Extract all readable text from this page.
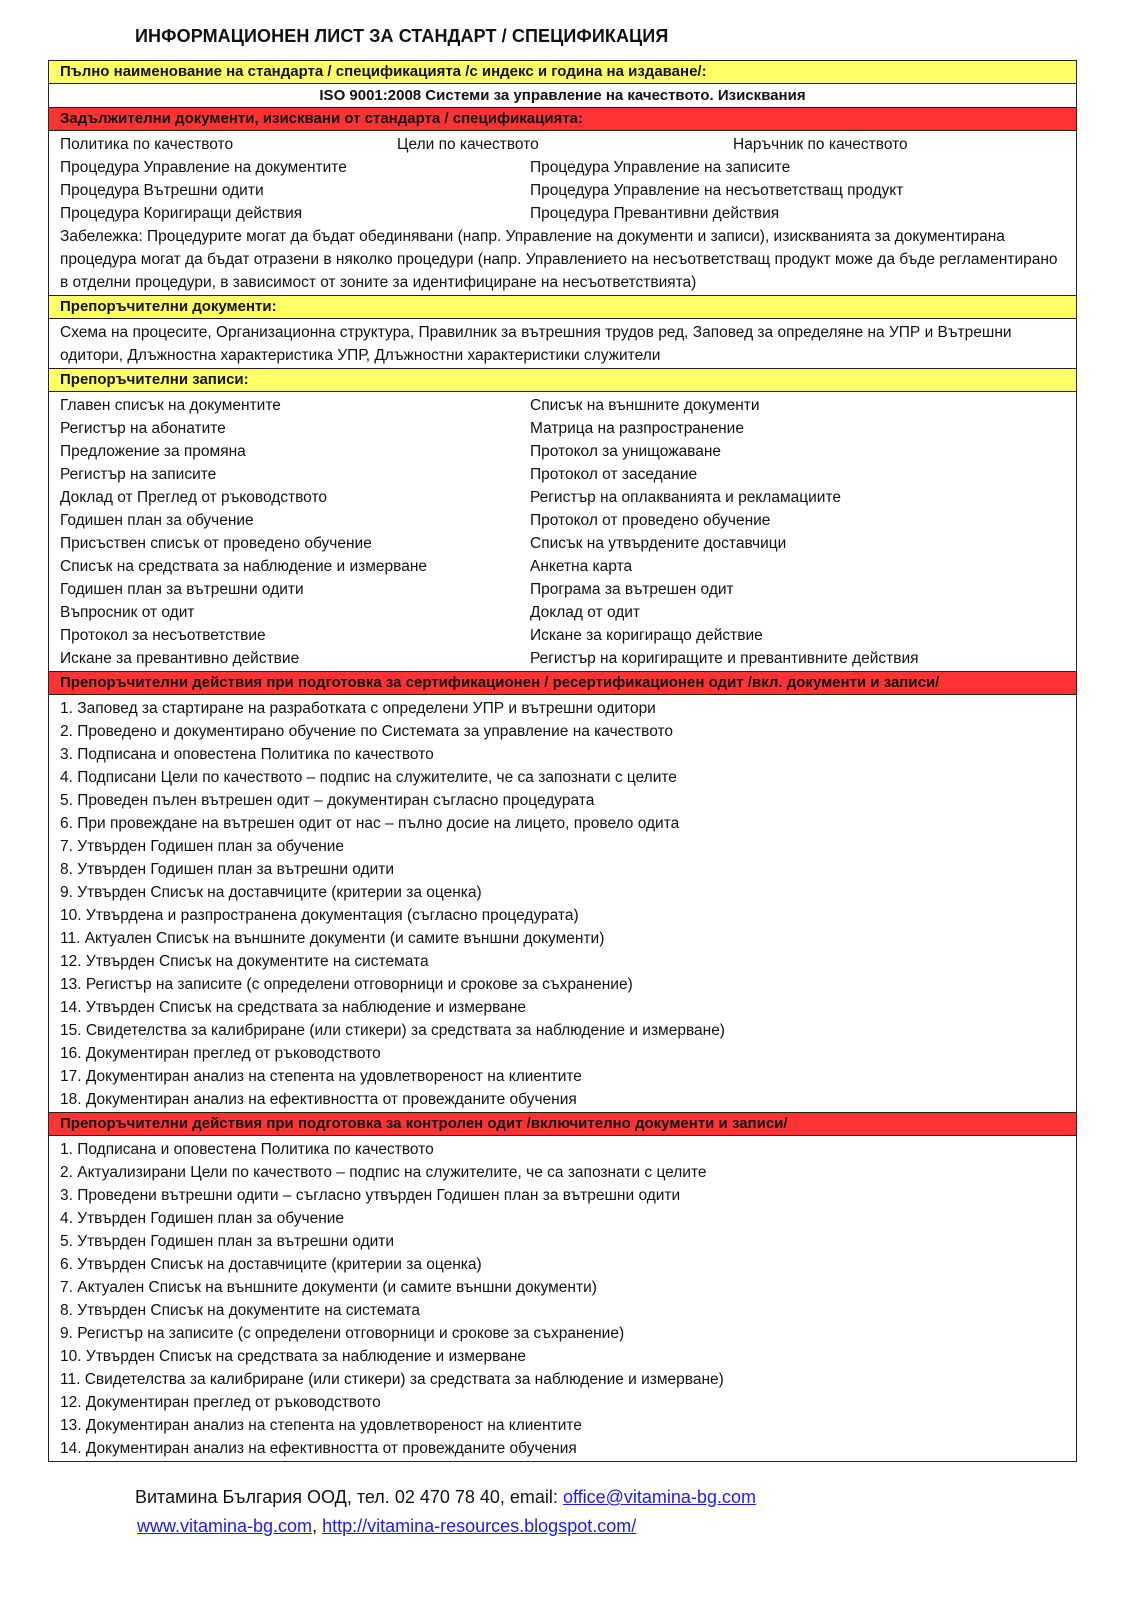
ИНФОРМАЦИОНЕН ЛИСТ ЗА СТАНДАРТ / СПЕЦИФИКАЦИЯ
Пълно наименование на стандарта / спецификацията /с индекс и година на издаване/:
ISO 9001:2008 Системи за управление на качеството. Изисквания
Задължителни документи, изисквани от стандарта / спецификацията:
Политика по качеството	Цели по качеството	Наръчник по качеството
Процедура Управление на документите	Процедура Управление на записите
Процедура Вътрешни одити	Процедура Управление на несъответстващ продукт
Процедура Коригиращи действия	Процедура Превантивни действия
Забележка: Процедурите могат да бъдат обединявани (напр. Управление на документи и записи), изискванията за документирана процедура могат да бъдат отразени в няколко процедури (напр. Управлението на несъответстващ продукт може да бъде регламентирано в отделни процедури, в зависимост от зоните за идентифициране на несъответствията)
Препоръчителни документи:
Схема на процесите, Организационна структура, Правилник за вътрешния трудов ред, Заповед за определяне на УПР и Вътрешни одитори, Длъжностна характеристика УПР, Длъжностни характеристики служители
Препоръчителни записи:
Главен списък на документите	Списък на външните документи
Регистър на абонатите	Матрица на разпространение
Предложение за промяна	Протокол за унищожаване
Регистър на записите	Протокол от заседание
Доклад от Преглед от ръководството	Регистър на оплакванията и рекламациите
Годишен план за обучение	Протокол от проведено обучение
Присъствен списък от проведено обучение	Списък на утвърдените доставчици
Списък на средствата за наблюдение и измерване	Анкетна карта
Годишен план за вътрешни одити	Програма за вътрешен одит
Въпросник от одит	Доклад от одит
Протокол за несъответствие	Искане за коригиращо действие
Искане за превантивно действие	Регистър на коригиращите и превантивните действия
Препоръчителни действия при подготовка за сертификационен / ресертификационен одит /вкл. документи и записи/
1. Заповед за стартиране на разработката с определени УПР и вътрешни одитори
2. Проведено и документирано обучение по Системата за управление на качеството
3. Подписана и оповестена Политика по качеството
4. Подписани Цели по качеството – подпис на служителите, че са запознати с целите
5. Проведен пълен вътрешен одит – документиран съгласно процедурата
6. При провеждане на вътрешен одит от нас – пълно досие на лицето, провело одита
7. Утвърден Годишен план за обучение
8. Утвърден Годишен план за вътрешни одити
9. Утвърден Списък на доставчиците (критерии за оценка)
10. Утвърдена и разпространена документация (съгласно процедурата)
11. Актуален Списък на външните документи (и самите външни документи)
12. Утвърден Списък на документите на системата
13. Регистър на записите (с определени отговорници и срокове за съхранение)
14. Утвърден Списък на средствата за наблюдение и измерване
15. Свидетелства за калибриране (или стикери) за средствата за наблюдение и измерване)
16. Документиран преглед от ръководството
17. Документиран анализ на степента на удовлетвореност на клиентите
18. Документиран анализ на ефективността от провежданите обучения
Препоръчителни действия при подготовка за контролен одит /включително документи и записи/
1. Подписана и оповестена Политика по качеството
2. Актуализирани Цели по качеството – подпис на служителите, че са запознати с целите
3. Проведени вътрешни одити – съгласно утвърден Годишен план за вътрешни одити
4. Утвърден Годишен план за обучение
5. Утвърден Годишен план за вътрешни одити
6. Утвърден Списък на доставчиците (критерии за оценка)
7. Актуален Списък на външните документи (и самите външни документи)
8. Утвърден Списък на документите на системата
9. Регистър на записите (с определени отговорници и срокове за съхранение)
10. Утвърден Списък на средствата за наблюдение и измерване
11. Свидетелства за калибриране (или стикери) за средствата за наблюдение и измерване)
12. Документиран преглед от ръководството
13. Документиран анализ на степента на удовлетвореност на клиентите
14. Документиран анализ на ефективността от провежданите обучения
Витамина България ООД, тел. 02 470 78 40, email: office@vitamina-bg.com
www.vitamina-bg.com, http://vitamina-resources.blogspot.com/
